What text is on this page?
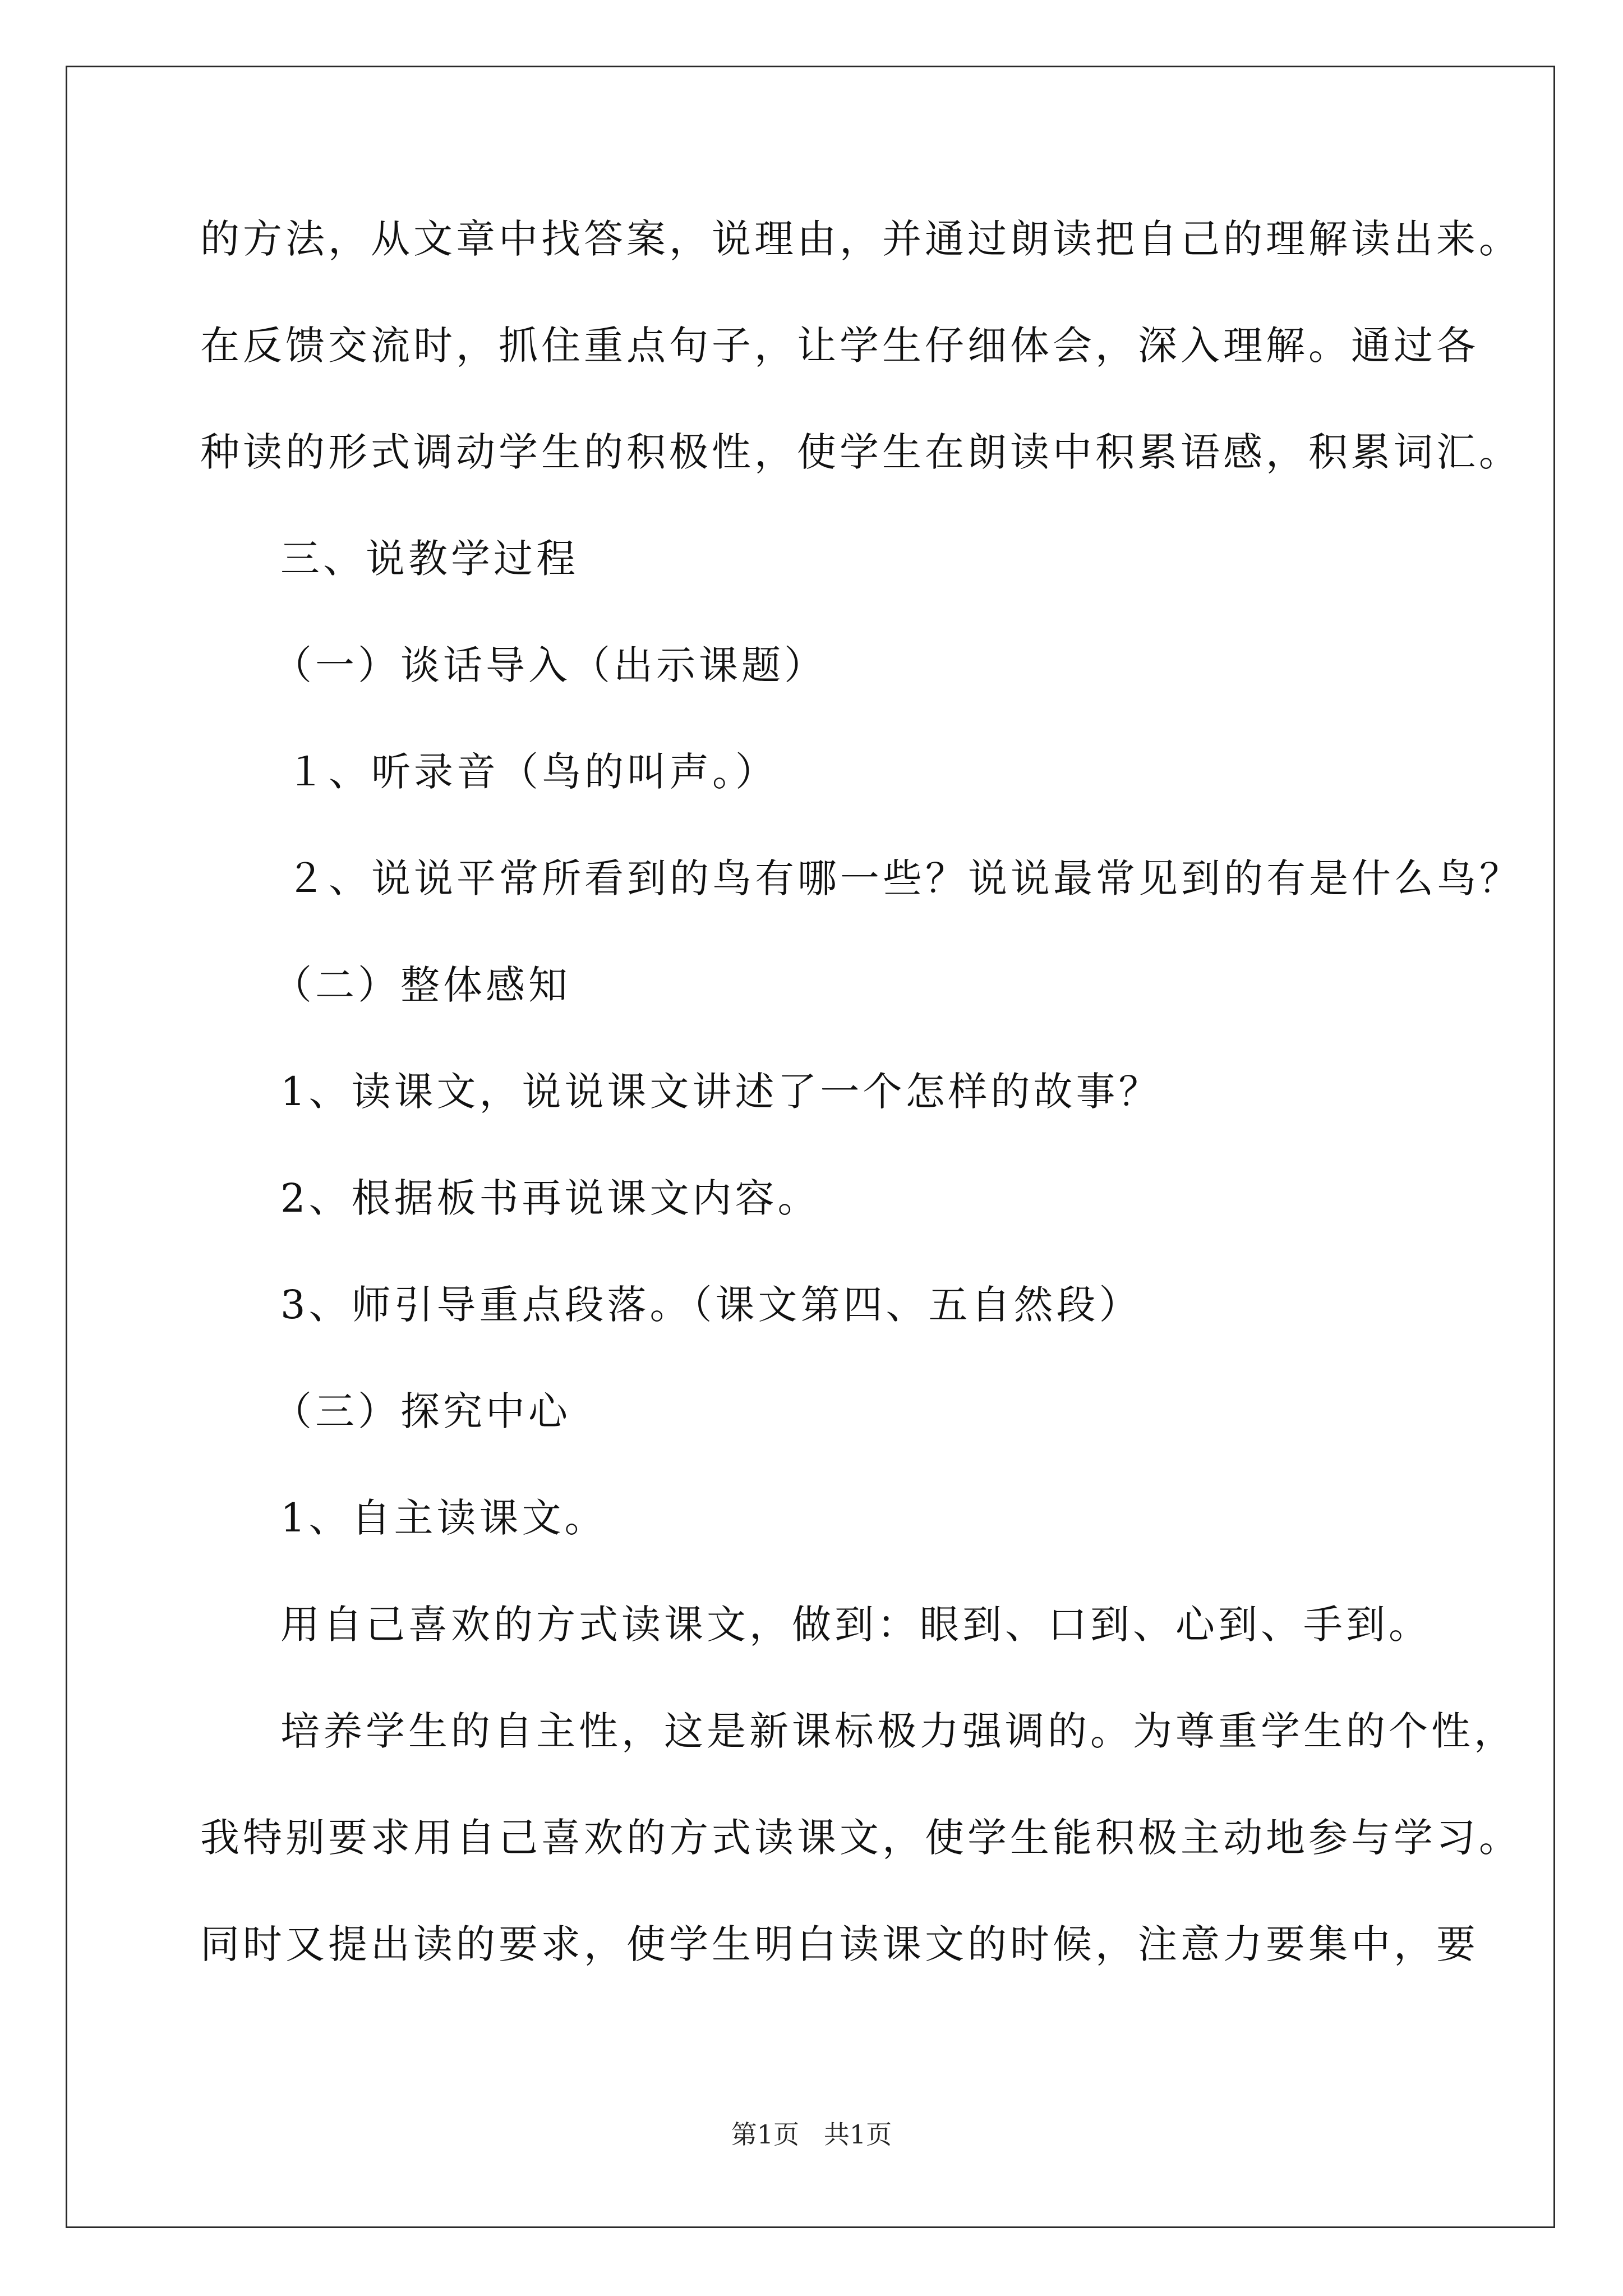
的方法，从文章中找答案，说理由，并通过朗读把自己的理解读出来。

在反馈交流时，抓住重点句子，让学生仔细体会，深入理解。通过各

种读的形式调动学生的积极性，使学生在朗读中积累语感，积累词汇。

三、说教学过程

（一）谈话导入（出示课题）

１、听录音（鸟的叫声。）

２、说说平常所看到的鸟有哪一些？说说最常见到的有是什么鸟？

（二）整体感知

1、读课文，说说课文讲述了一个怎样的故事？

2、根据板书再说课文内容。

3、师引导重点段落。（课文第四、五自然段）

（三）探究中心

1、自主读课文。

用自己喜欢的方式读课文，做到：眼到、口到、心到、手到。

培养学生的自主性，这是新课标极力强调的。为尊重学生的个性，

我特别要求用自己喜欢的方式读课文，使学生能积极主动地参与学习。

同时又提出读的要求，使学生明白读课文的时候，注意力要集中，要

第1页   共1页
